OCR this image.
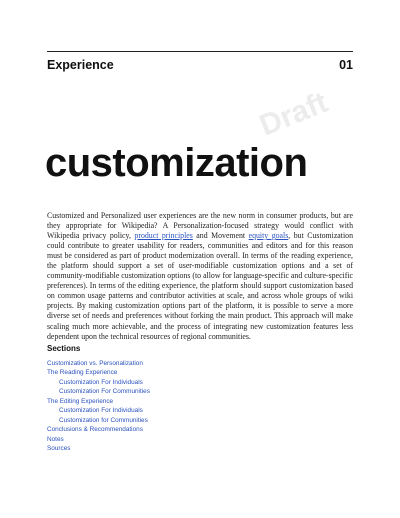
Experience	01
Draft
customization
Customized and Personalized user experiences are the new norm in consumer products, but are they appropriate for Wikipedia? A Personalization-focused strategy would conflict with Wikipedia privacy policy, product principles and Movement equity goals, but Customization could contribute to greater usability for readers, communities and editors and for this reason must be considered as part of product modernization overall. In terms of the reading experience, the platform should support a set of user-modifiable customization options and a set of community-modifiable customization options (to allow for language-specific and culture-specific preferences). In terms of the editing experience, the platform should support customization based on common usage patterns and contributor activities at scale, and across whole groups of wiki projects. By making customization options part of the platform, it is possible to serve a more diverse set of needs and preferences without forking the main product. This approach will make scaling much more achievable, and the process of integrating new customization features less dependent upon the technical resources of regional communities.
Sections
Customization vs. Personalization
The Reading Experience
Customization For Individuals
Customization For Communities
The Editing Experience
Customization For Individuals
Customization for Communities
Conclusions & Recommendations
Notes
Sources
